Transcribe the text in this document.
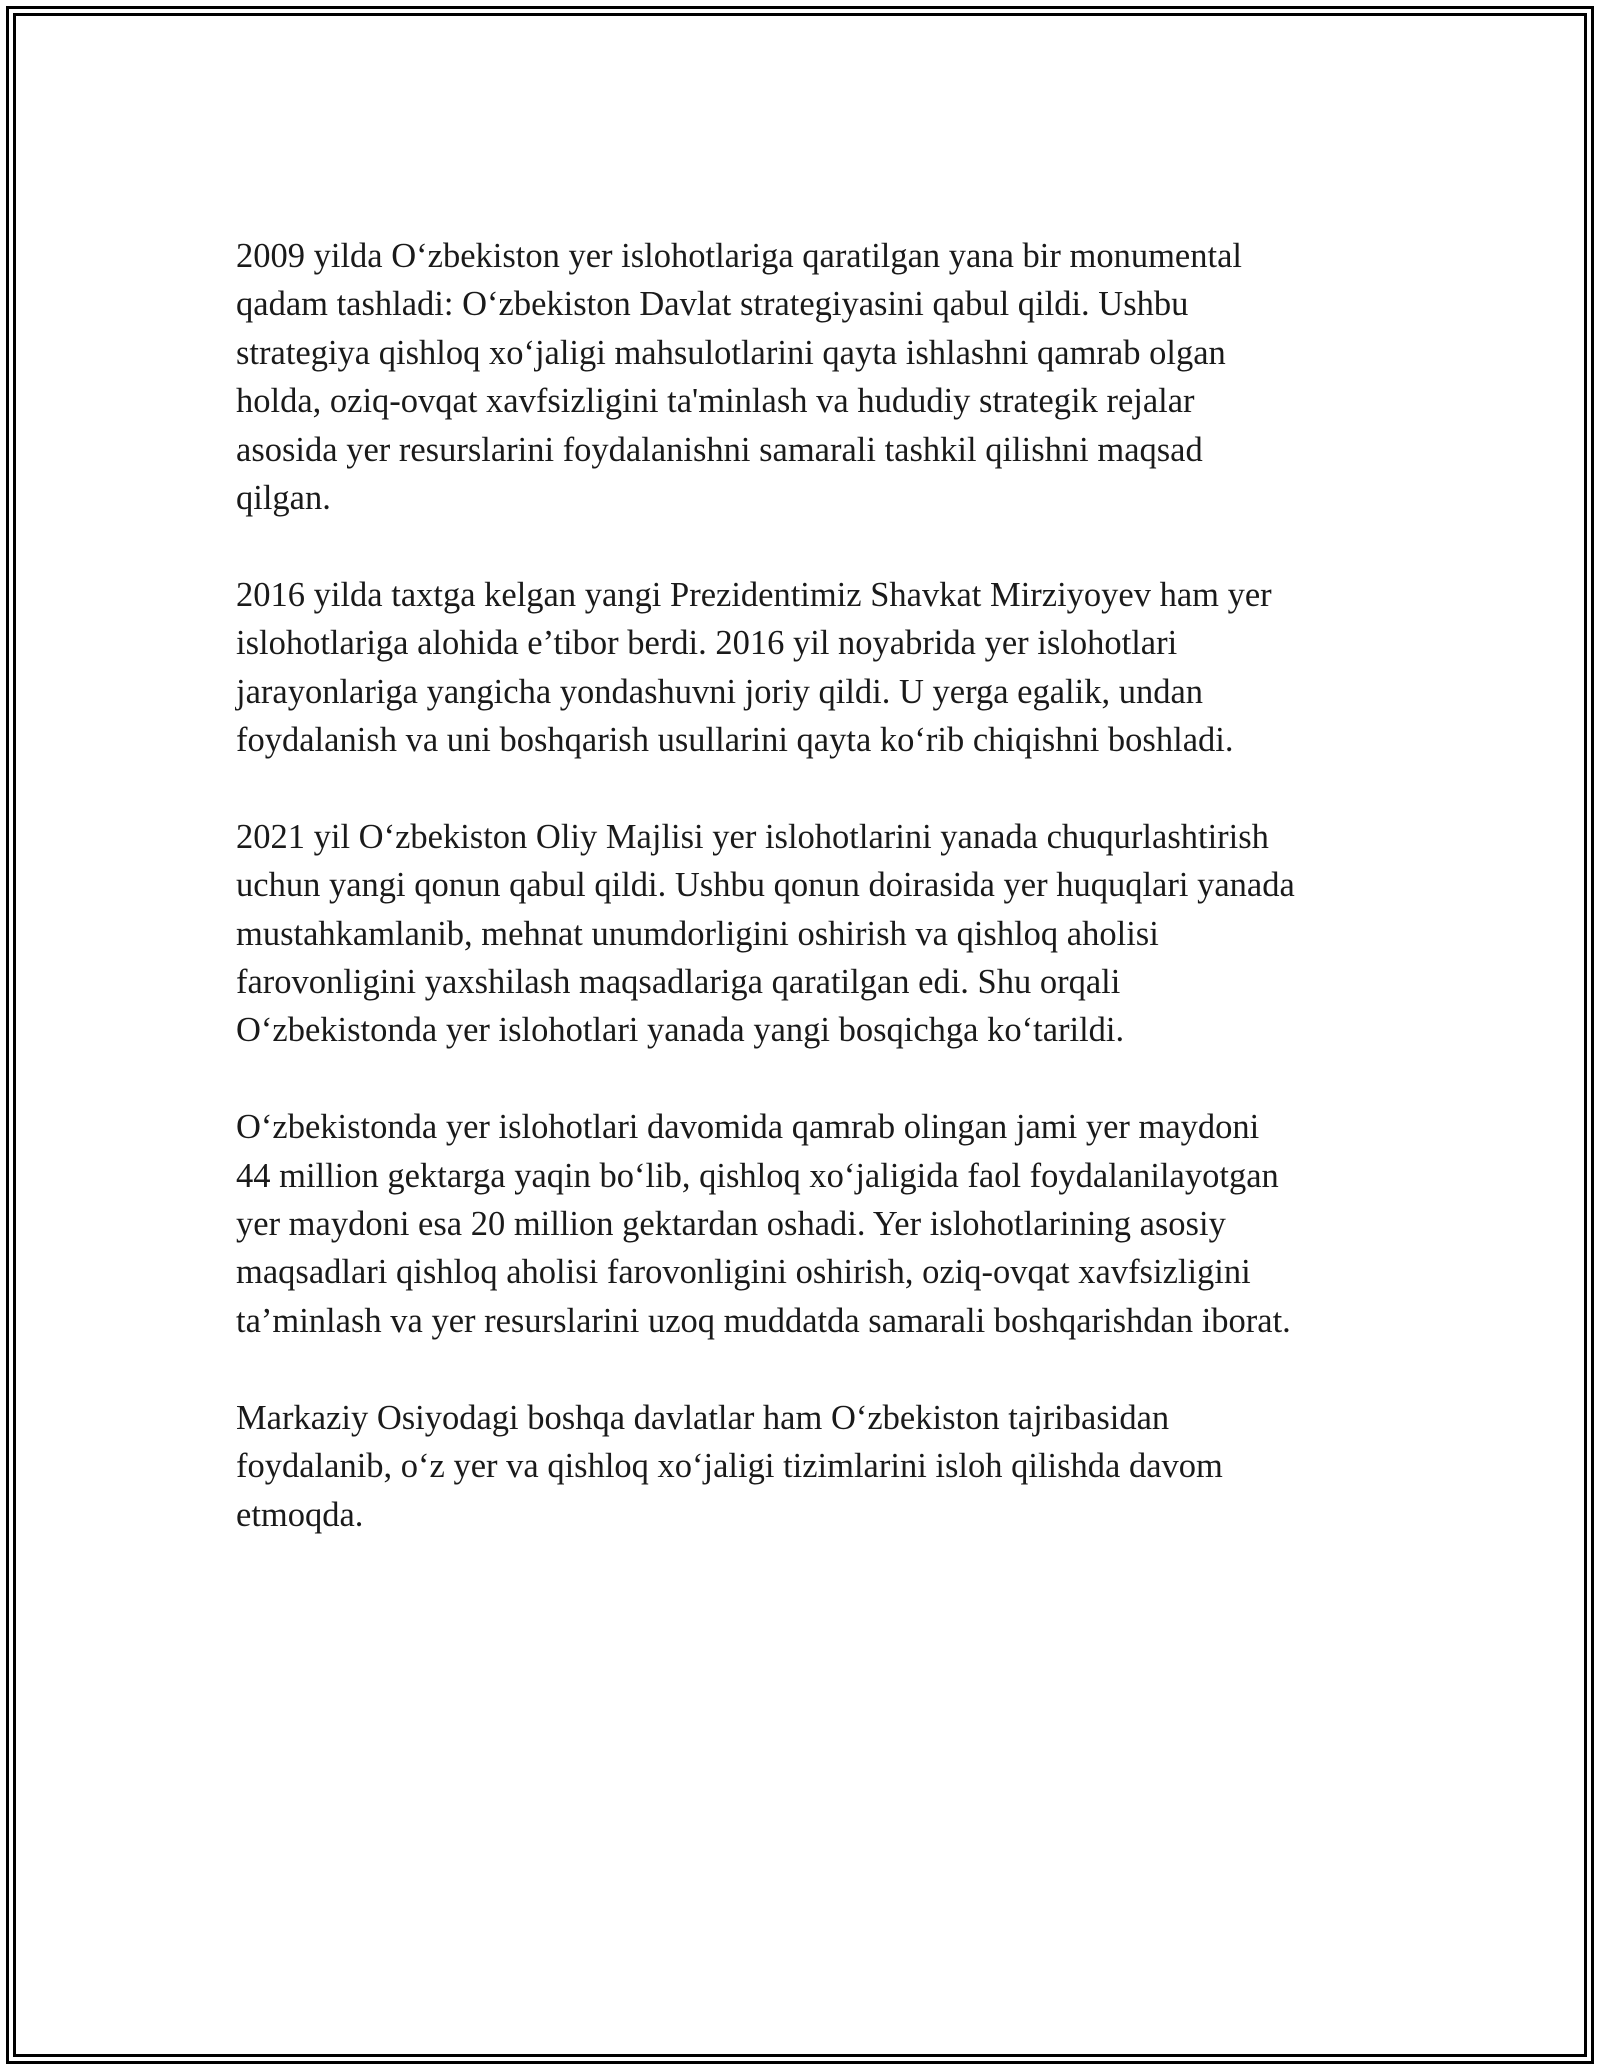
2009 yilda O‘zbekiston yer islohotlariga qaratilgan yana bir monumental
qadam tashladi: O‘zbekiston Davlat strategiyasini qabul qildi. Ushbu
strategiya qishloq xo‘jaligi mahsulotlarini qayta ishlashni qamrab olgan
holda, oziq-ovqat xavfsizligini ta'minlash va hududiy strategik rejalar
asosida yer resurslarini foydalanishni samarali tashkil qilishni maqsad
qilgan.

2016 yilda taxtga kelgan yangi Prezidentimiz Shavkat Mirziyoyev ham yer
islohotlariga alohida e’tibor berdi. 2016 yil noyabrida yer islohotlari
jarayonlariga yangicha yondashuvni joriy qildi. U yerga egalik, undan
foydalanish va uni boshqarish usullarini qayta ko‘rib chiqishni boshladi.

2021 yil O‘zbekiston Oliy Majlisi yer islohotlarini yanada chuqurlashtirish
uchun yangi qonun qabul qildi. Ushbu qonun doirasida yer huquqlari yanada
mustahkamlanib, mehnat unumdorligini oshirish va qishloq aholisi
farovonligini yaxshilash maqsadlariga qaratilgan edi. Shu orqali
O‘zbekistonda yer islohotlari yanada yangi bosqichga ko‘tarildi.

O‘zbekistonda yer islohotlari davomida qamrab olingan jami yer maydoni
44 million gektarga yaqin bo‘lib, qishloq xo‘jaligida faol foydalanilayotgan
yer maydoni esa 20 million gektardan oshadi. Yer islohotlarining asosiy
maqsadlari qishloq aholisi farovonligini oshirish, oziq-ovqat xavfsizligini
ta’minlash va yer resurslarini uzoq muddatda samarali boshqarishdan iborat.

Markaziy Osiyodagi boshqa davlatlar ham O‘zbekiston tajribasidan
foydalanib, o‘z yer va qishloq xo‘jaligi tizimlarini isloh qilishda davom
etmoqda.
